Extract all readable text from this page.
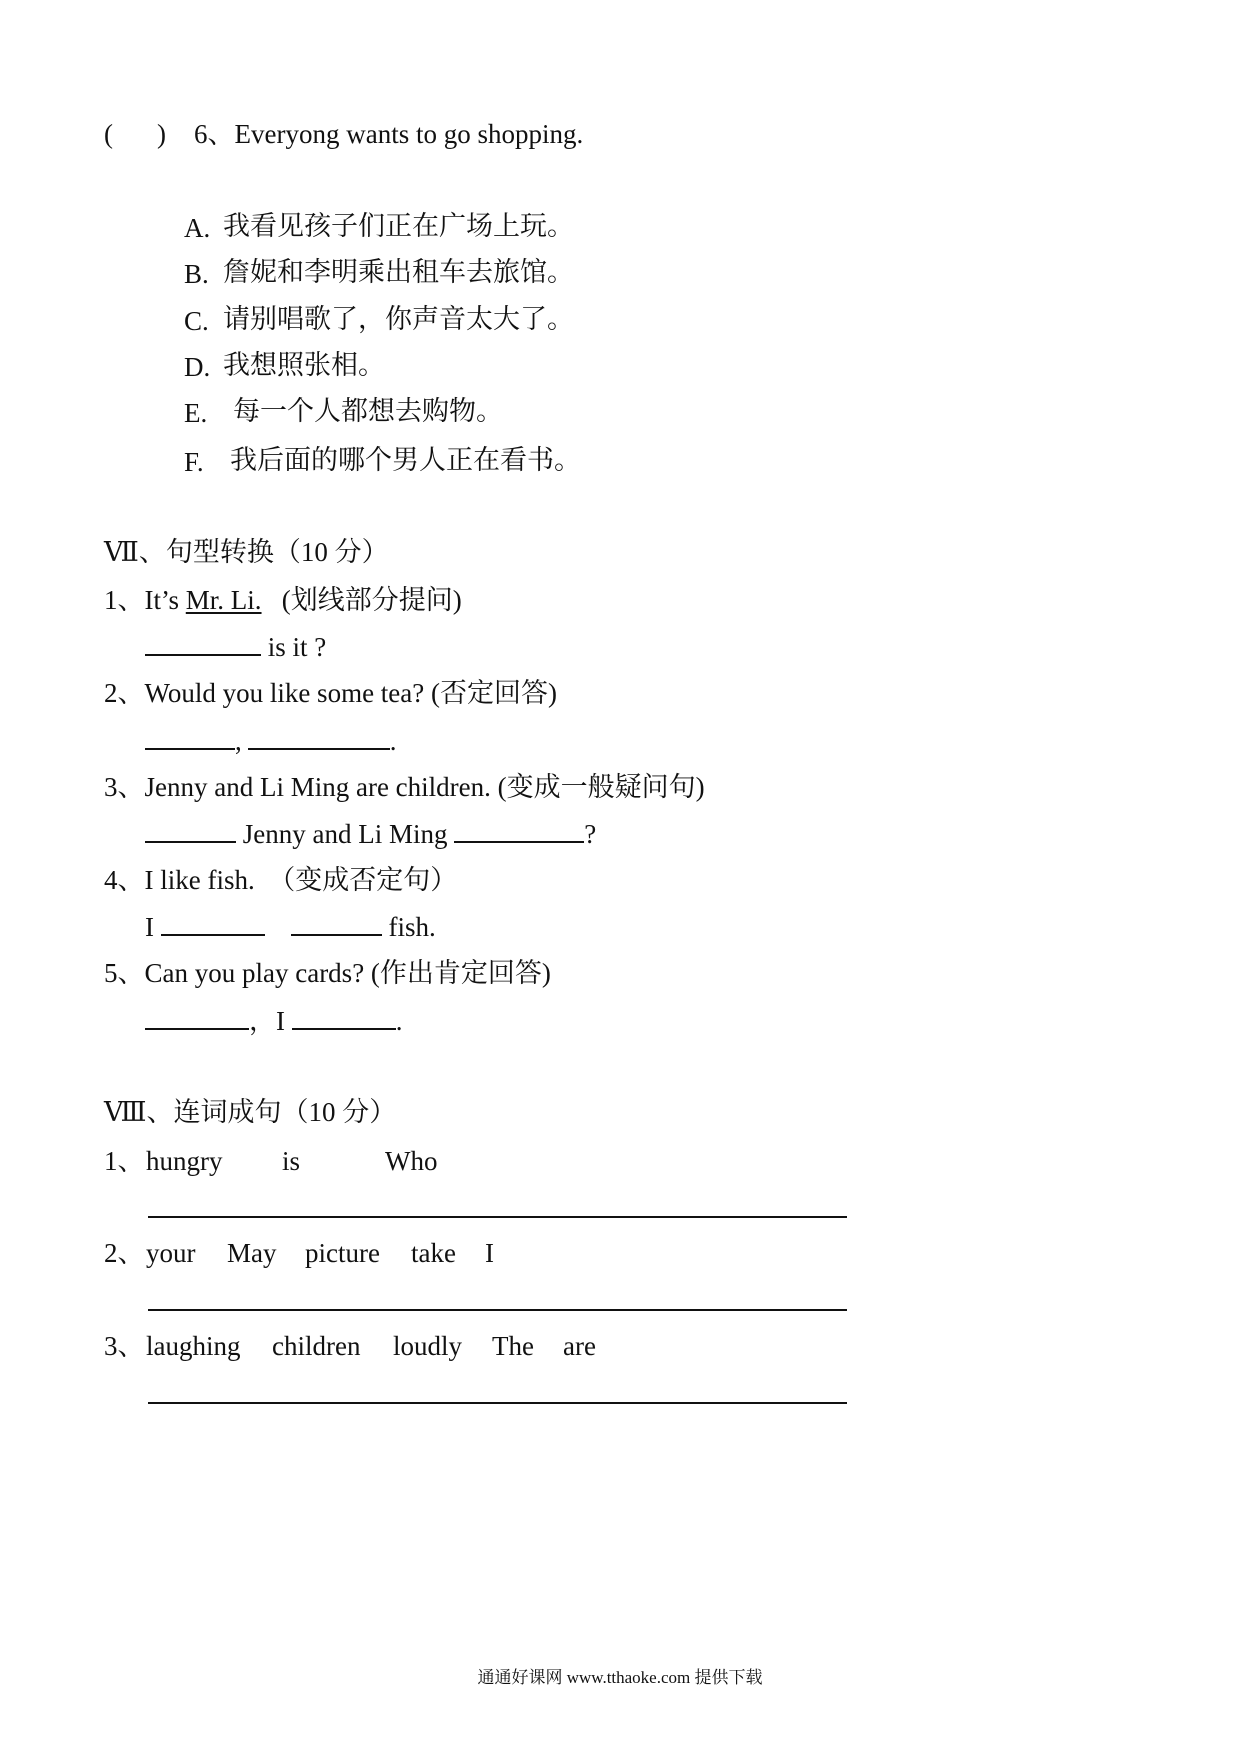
( ) 6、Everyong wants to go shopping.
A. 我看见孩子们正在广场上玩。
B. 詹妮和李明乘出租车去旅馆。
C. 请别唱歌了，你声音太大了。
D. 我想照张相。
E. 每一个人都想去购物。
F. 我后面的哪个男人正在看书。
Ⅶ、句型转换（10 分）
1、It’s Mr. Li.   (划线部分提问)
is it ?
2、Would you like some tea? (否定回答)
,	.
3、Jenny and Li Ming are children. (变成一般疑问句)
Jenny and Li Ming	?
4、I like fish.  （变成否定句）
I	fish.
5、Can you play cards? (作出肯定回答)
，I	.
Ⅷ、连词成句（10 分）
1、 hungry is	Who
2、 your May picture take I
3、 laughing children loudly The are
通通好课网 www.tthaoke.com 提供下载
